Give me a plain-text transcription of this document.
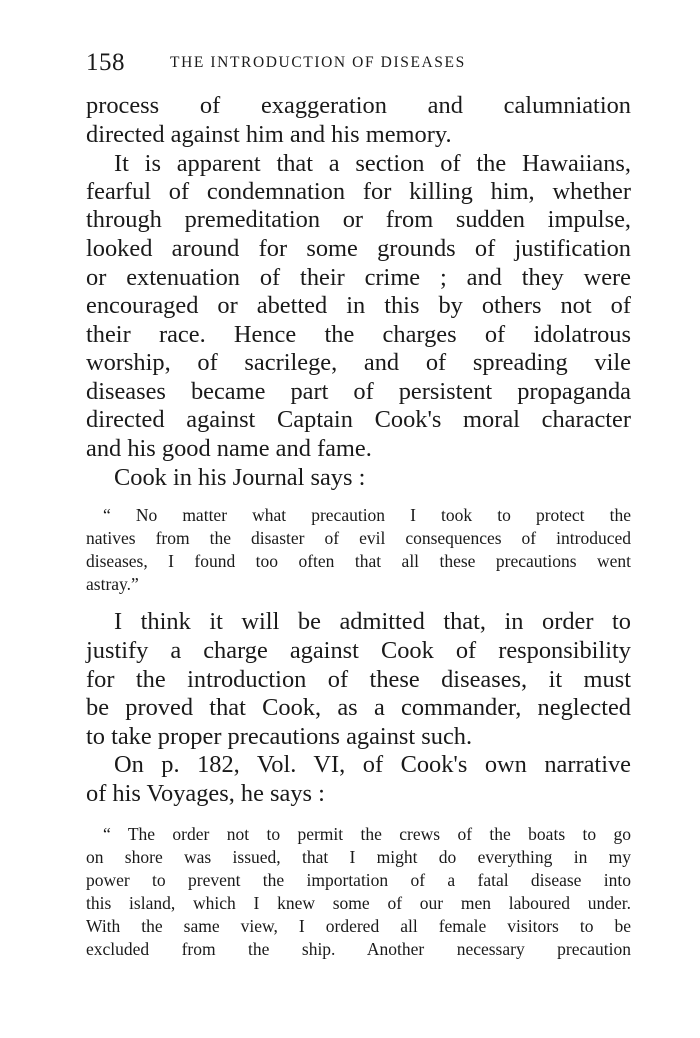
158	THE INTRODUCTION OF DISEASES
process of exaggeration and calumniation
directed against him and his memory.
It is apparent that a section of the Hawaiians,
fearful of condemnation for killing him, whether
through premeditation or from sudden impulse,
looked around for some grounds of justification
or extenuation of their crime ; and they were
encouraged or abetted in this by others not of
their race. Hence the charges of idolatrous
worship, of sacrilege, and of spreading vile
diseases became part of persistent propaganda
directed against Captain Cook's moral character
and his good name and fame.
Cook in his Journal says :
“ No matter what precaution I took to protect the
natives from the disaster of evil consequences of introduced
diseases, I found too often that all these precautions went
astray.”
I think it will be admitted that, in order to
justify a charge against Cook of responsibility
for the introduction of these diseases, it must
be proved that Cook, as a commander, neglected
to take proper precautions against such.
On p. 182, Vol. VI, of Cook's own narrative
of his Voyages, he says :
“ The order not to permit the crews of the boats to go
on shore was issued, that I might do everything in my
power to prevent the importation of a fatal disease into
this island, which I knew some of our men laboured under.
With the same view, I ordered all female visitors to be
excluded from the ship. Another necessary precaution
